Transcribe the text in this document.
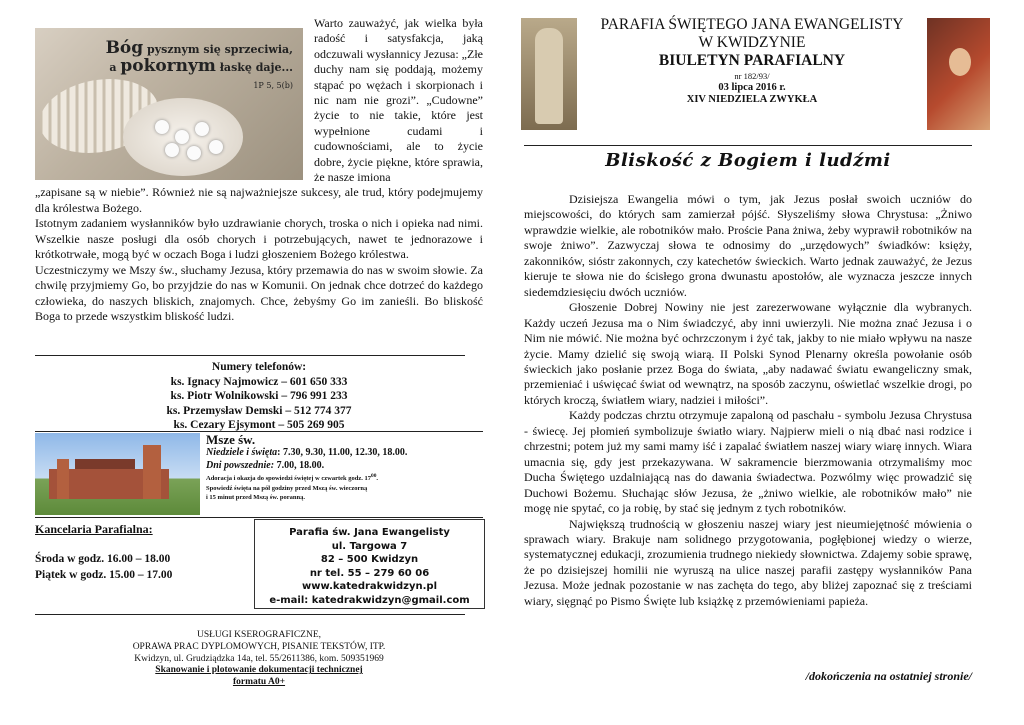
Bóg pysznym się sprzeciwia,
a pokornym łaskę daje...
1P 5, 5(b)

Warto zauważyć, jak wielka była radość i satysfakcja, jaką odczuwali wysłannicy Jezusa: „Złe duchy nam się poddają, możemy stąpać po wężach i skorpionach i nic nam nie grozi”. „Cudowne” życie to nie takie, które jest wypełnione cudami i cudownościami, ale to życie dobre, życie piękne, które sprawia, że nasze imiona

„zapisane są w niebie”. Również nie są najważniejsze sukcesy, ale trud, który podejmujemy dla królestwa Bożego.

Istotnym zadaniem wysłanników było uzdrawianie chorych, troska o nich i opieka nad nimi. Wszelkie nasze posługi dla osób chorych i potrzebujących, nawet te jednorazowe i krótkotrwałe, mogą być w oczach Boga i ludzi głoszeniem Bożego królestwa.

Uczestniczymy we Mszy św., słuchamy Jezusa, który przemawia do nas w swoim słowie. Za chwilę przyjmiemy Go, bo przyjdzie do nas w Komunii. On jednak chce dotrzeć do każdego człowieka, do naszych bliskich, znajomych. Chce, żebyśmy Go im zanieśli. Bo bliskość Boga to przede wszystkim bliskość ludzi.

Numery telefonów:
ks. Ignacy Najmowicz – 601 650 333
ks. Piotr Wolnikowski – 796 991 233
ks. Przemysław Demski – 512 774 377
ks. Cezary Ejsymont – 505 269 905
Msze św.
Niedziele i święta: 7.30, 9.30, 11.00, 12.30, 18.00.
Dni powszednie: 7.00, 18.00.
Adoracja i okazja do spowiedzi świętej w czwartek godz. $17^{00}$.
Spowiedź święta na pół godziny przed Mszą św. wieczorną
i 15 minut przed Mszą św. poranną.
Kancelaria Parafialna:
Środa w godz. 16.00 – 18.00
Piątek w godz. 15.00 – 17.00
Parafia św. Jana Ewangelisty
ul. Targowa 7
82 – 500 Kwidzyn
nr tel. 55 – 279 60 06
www.katedrakwidzyn.pl
e-mail: katedrakwidzyn@gmail.com
USŁUGI KSEROGRAFICZNE,
OPRAWA PRAC DYPLOMOWYCH, PISANIE TEKSTÓW, ITP.
Kwidzyn, ul. Grudziądzka 14a, tel. 55/2611386, kom. 509351969
Skanowanie i plotowanie dokumentacji technicznej
formatu A0+
PARAFIA ŚWIĘTEGO JANA EWANGELISTY
W KWIDZYNIE
BIULETYN PARAFIALNY
nr 182/93/
03 lipca 2016 r.
XIV NIEDZIELA ZWYKŁA
Bliskość z Bogiem i ludźmi

Dzisiejsza Ewangelia mówi o tym, jak Jezus posłał swoich uczniów do miejscowości, do których sam zamierzał pójść. Słyszeliśmy słowa Chrystusa: „Żniwo wprawdzie wielkie, ale robotników mało. Proście Pana żniwa, żeby wyprawił robotników na swoje żniwo”. Zazwyczaj słowa te odnosimy do „urzędowych” świadków: księży, zakonników, sióstr zakonnych, czy katechetów świeckich. Warto jednak zauważyć, że Jezus kieruje te słowa nie do ścisłego grona dwunastu apostołów, ale wyznacza jeszcze innych siedemdziesięciu dwóch uczniów.

Głoszenie Dobrej Nowiny nie jest zarezerwowane wyłącznie dla wybranych. Każdy uczeń Jezusa ma o Nim świadczyć, aby inni uwierzyli. Nie można znać Jezusa i o Nim nie mówić. Nie można być ochrzczonym i żyć tak, jakby to nie miało wpływu na nasze życie. Mamy dzielić się swoją wiarą. II Polski Synod Plenarny określa powołanie osób świeckich jako posłanie przez Boga do świata, „aby nadawać światu ewangeliczny smak, przemieniać i uświęcać świat od wewnątrz, na sposób zaczynu, oświetlać wszelkie drogi, po których kroczą, światłem wiary, nadziei i miłości”.

Każdy podczas chrztu otrzymuje zapaloną od paschału - symbolu Jezusa Chrystusa - świecę. Jej płomień symbolizuje światło wiary. Najpierw mieli o nią dbać nasi rodzice i chrzestni; potem już my sami mamy iść i zapalać światłem naszej wiary wiarę innych. Wiara umacnia się, gdy jest przekazywana. W sakramencie bierzmowania otrzymaliśmy moc Ducha Świętego uzdalniającą nas do dawania świadectwa. Pozwólmy więc prowadzić się Duchowi Bożemu. Słuchając słów Jezusa, że „żniwo wielkie, ale robotników mało” nie mogę nie spytać, co ja robię, by stać się jednym z tych robotników.

Największą trudnością w głoszeniu naszej wiary jest nieumiejętność mówienia o sprawach wiary. Brakuje nam solidnego przygotowania, pogłębionej wiedzy o wierze, systematycznej edukacji, zrozumienia trudnego niekiedy słownictwa. Zdajemy sobie sprawę, że po dzisiejszej homilii nie wyruszą na ulice naszej parafii zastępy wysłanników Pana Jezusa. Może jednak pozostanie w nas zachęta do tego, aby bliżej zapoznać się z treściami wiary, sięgnąć po Pismo Święte lub książkę z przemówieniami papieża.

/dokończenia na ostatniej stronie/
